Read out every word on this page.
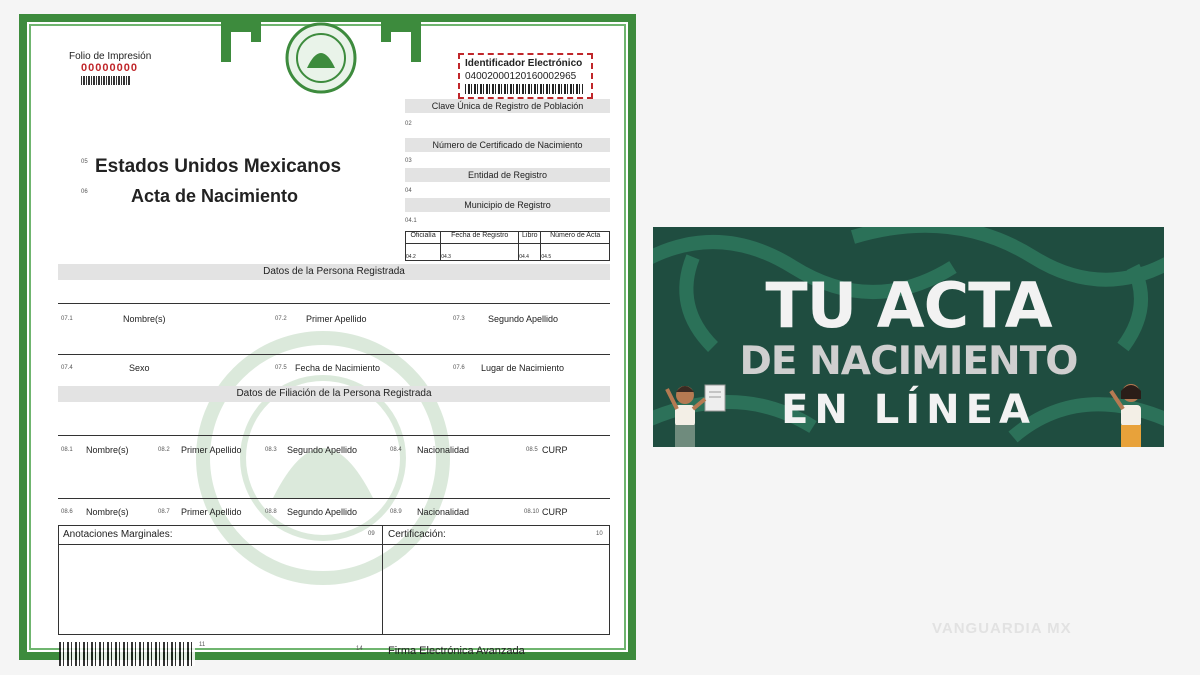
Folio de Impresión
00000000	Identificador Electrónico
04002000120160002965
05 Estados Unidos Mexicanos
06 Acta de Nacimiento
Clave Única de Registro de Población
02
Número de Certificado de Nacimiento
03
Entidad de Registro
04
Municipio de Registro
04.1
Oficialía	Fecha de Registro	Libro	Número de Acta
04.2	04.3	04.4	04.5
Datos de la Persona Registrada
07.1	Nombre(s)	07.2 Primer Apellido	07.3	Segundo Apellido
07.4	Sexo	07.5 Fecha de Nacimiento	07.6 Lugar de Nacimiento
Datos de Filiación de la Persona Registrada
08.1 Nombre(s)	08.2 Primer Apellido	08.3 Segundo Apellido	08.4 Nacionalidad	08.5 CURP
08.6 Nombre(s)	08.7 Primer Apellido	08.8 Segundo Apellido	08.9 Nacionalidad	08.10 CURP
Anotaciones Marginales:	09 Certificación:	10
11
14 Firma Electrónica Avanzada
TU ACTA
DE NACIMIENTO
EN LÍNEA
VANGUARDIA MX
